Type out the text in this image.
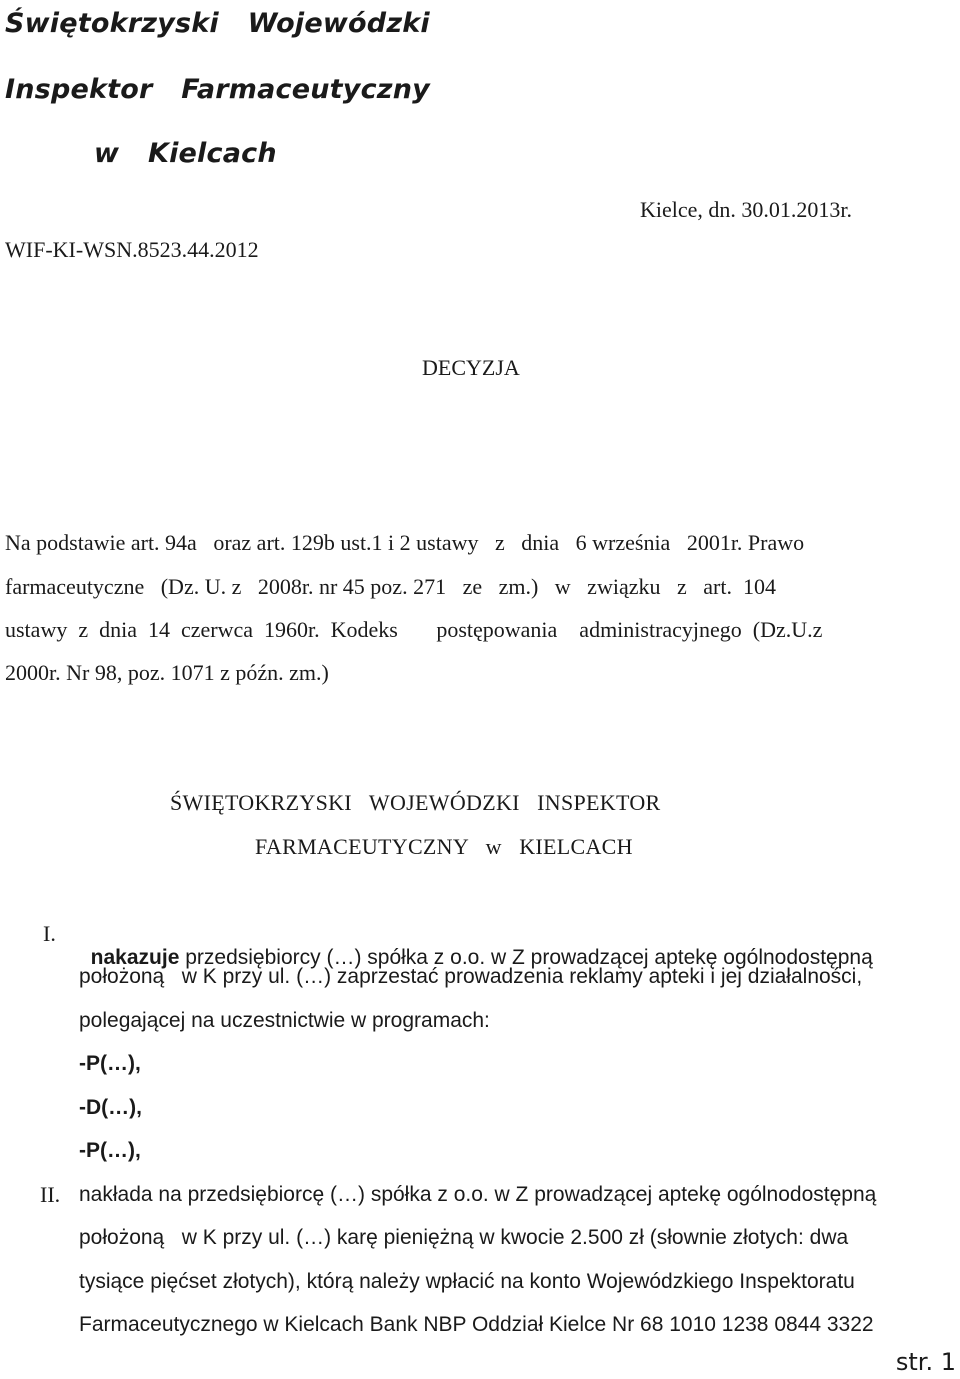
Świętokrzyski   Wojewódzki
Inspektor   Farmaceutyczny
w   Kielcach
Kielce, dn. 30.01.2013r.
WIF-KI-WSN.8523.44.2012
DECYZJA
Na podstawie art. 94a   oraz art. 129b ust.1 i 2 ustawy   z   dnia   6 września   2001r. Prawo
farmaceutyczne   (Dz. U. z   2008r. nr 45 poz. 271   ze   zm.)   w   związku   z   art.  104
ustawy  z  dnia  14  czerwca  1960r.  Kodeks       postępowania    administracyjnego  (Dz.U.z
2000r. Nr 98, poz. 1071 z późn. zm.)
ŚWIĘTOKRZYSKI   WOJEWÓDZKI   INSPEKTOR
FARMACEUTYCZNY   w   KIELCACH
I.

nakazuje przedsiębiorcy (…) spółka z o.o. w Z prowadzącej aptekę ogólnodostępną

położoną   w K przy ul. (…) zaprzestać prowadzenia reklamy apteki i jej działalności,
polegającej na uczestnictwie w programach:
-P(…),
-D(…),
-P(…),
II. nakłada na przedsiębiorcę (…) spółka z o.o. w Z prowadzącej aptekę ogólnodostępną
położoną   w K przy ul. (…) karę pieniężną w kwocie 2.500 zł (słownie złotych: dwa
tysiące pięćset złotych), którą należy wpłacić na konto Wojewódzkiego Inspektoratu
Farmaceutycznego w Kielcach Bank NBP Oddział Kielce Nr 68 1010 1238 0844 3322
str. 1
